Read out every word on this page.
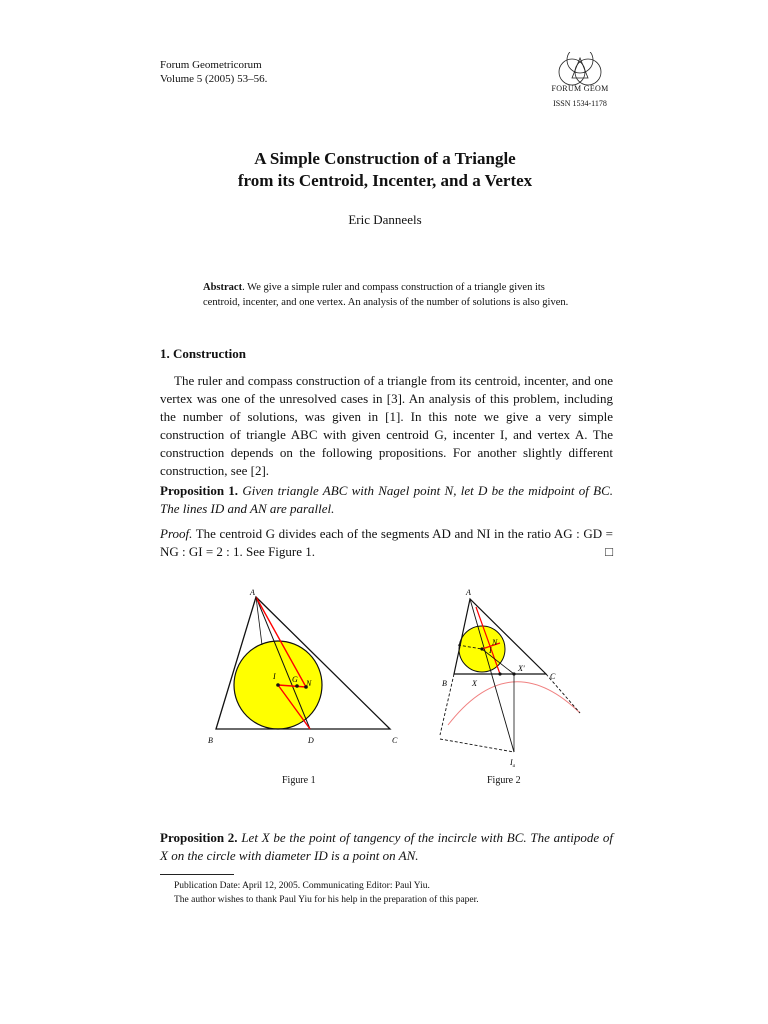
Forum Geometricorum
Volume 5 (2005) 53–56.
FORUM GEOM
ISSN 1534-1178
A Simple Construction of a Triangle
from its Centroid, Incenter, and a Vertex
Eric Danneels
Abstract. We give a simple ruler and compass construction of a triangle given its centroid, incenter, and one vertex. An analysis of the number of solutions is also given.
1. Construction
The ruler and compass construction of a triangle from its centroid, incenter, and one vertex was one of the unresolved cases in [3]. An analysis of this problem, including the number of solutions, was given in [1]. In this note we give a very simple construction of triangle ABC with given centroid G, incenter I, and vertex A. The construction depends on the following propositions. For another slightly different construction, see [2].
Proposition 1. Given triangle ABC with Nagel point N, let D be the midpoint of BC. The lines ID and AN are parallel.
Proof. The centroid G divides each of the segments AD and NI in the ratio AG : GD = NG : GI = 2 : 1. See Figure 1.	□
A
B	C
D
I G N
Figure 1
A
B
C
X
X′
N
I
$I_a$
Figure 2
Proposition 2. Let X be the point of tangency of the incircle with BC. The antipode of X on the circle with diameter ID is a point on AN.
Publication Date: April 12, 2005. Communicating Editor: Paul Yiu.
The author wishes to thank Paul Yiu for his help in the preparation of this paper.
